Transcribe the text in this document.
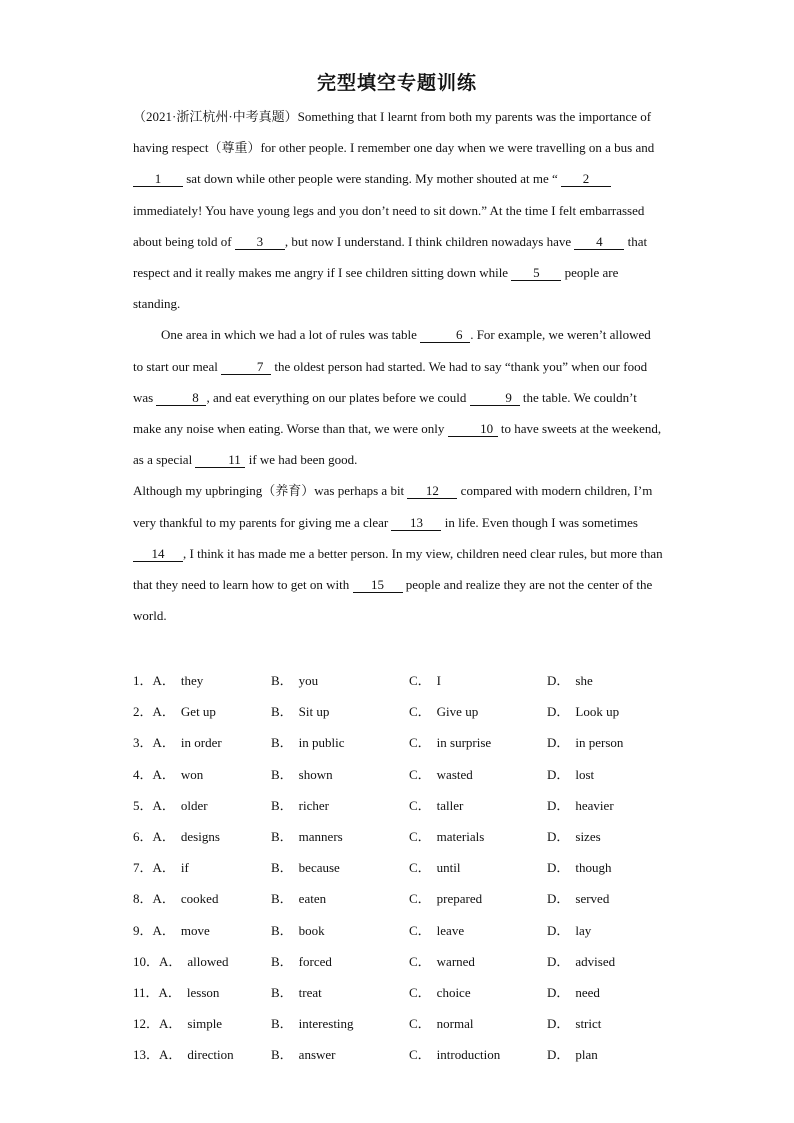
完型填空专题训练

（2021·浙江杭州·中考真题）Something that I learnt from both my parents was the importance of having respect（尊重）for other people. I remember one day when we were travelling on a bus and 1 sat down while other people were standing. My mother shouted at me “ 2 immediately! You have young legs and you don’t need to sit down.” At the time I felt embarrassed about being told of 3 , but now I understand. I think children nowadays have 4 that respect and it really makes me angry if I see children sitting down while 5 people are standing.

One area in which we had a lot of rules was table	6 . For example, we weren’t allowed to start our meal	7 the oldest person had started. We had to say “thank you” when our food was	8 , and eat everything on our plates before we could	9 the table. We couldn’t make any noise when eating. Worse than that, we were only	10 to have sweets at the weekend, as a special	11 if we had been good.

Although my upbringing（养育）was perhaps a bit 12 compared with modern children, I’m very thankful to my parents for giving me a clear 13 in life. Even though I was sometimes 14 , I think it has made me a better person. In my view, children need clear rules, but more than that they need to learn how to get on with 15 people and realize they are not the center of the world.

1．A． they	B． you	C． I	D． she
2．A． Get up	B． Sit up	C． Give up	D． Look up
3．A． in order	B． in public	C． in surprise	D． in person
4．A． won	B． shown	C． wasted	D． lost
5．A． older	B． richer	C． taller	D． heavier
6．A． designs	B． manners	C． materials	D． sizes
7．A． if	B． because	C． until	D． though
8．A． cooked	B． eaten	C． prepared	D． served
9．A． move	B． book	C． leave	D． lay
10．A． allowed	B． forced	C． warned	D． advised
11．A． lesson	B． treat	C． choice	D． need
12．A． simple	B． interesting	C． normal	D． strict
13．A． direction	B． answer	C． introduction	D． plan
